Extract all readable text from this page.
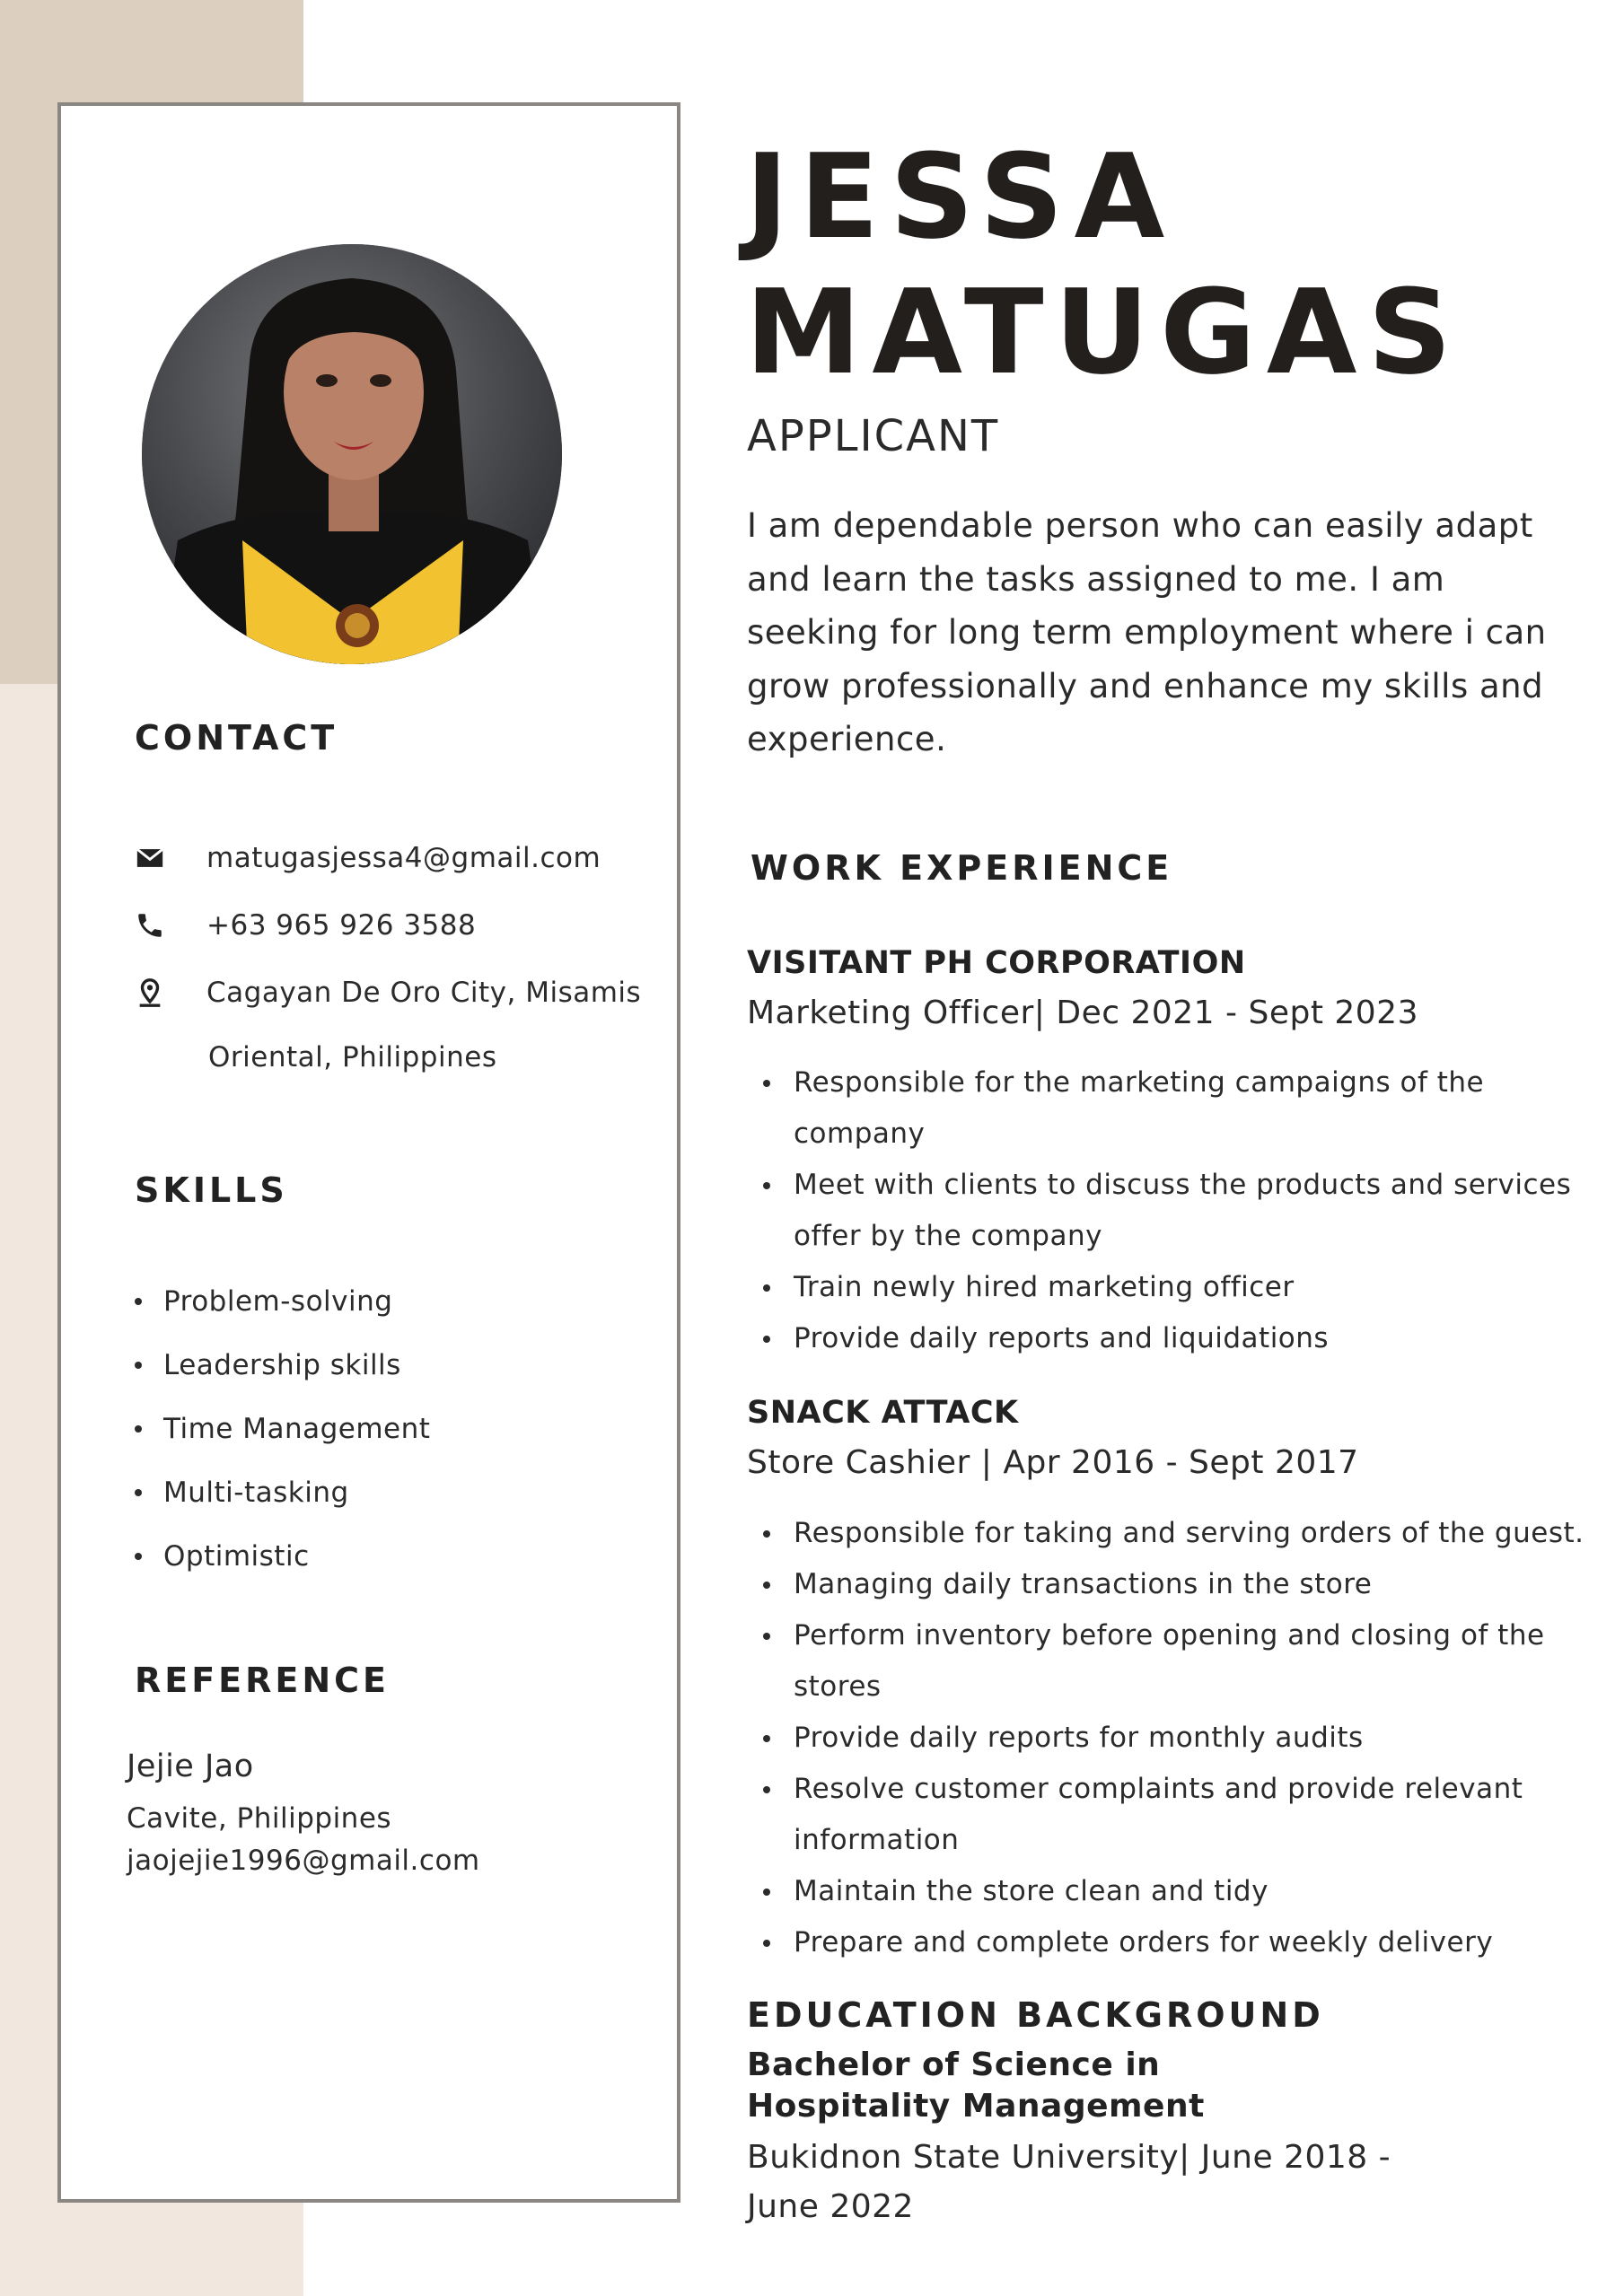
CONTACT
matugasjessa4@gmail.com
+63 965 926 3588
Cagayan De Oro City, Misamis
Oriental, Philippines
SKILLS
Problem-solving
Leadership skills
Time Management
Multi-tasking
Optimistic
REFERENCE
Jejie Jao
Cavite, Philippines
jaojejie1996@gmail.com
JESSA
MATUGAS
APPLICANT

I am dependable person who can easily adapt and learn the tasks assigned to me. I am seeking for long term employment where i can grow professionally and enhance my skills and experience.

WORK EXPERIENCE
VISITANT PH CORPORATION
Marketing Officer| Dec 2021 - Sept 2023
Responsible for the marketing campaigns of the
company
Meet with clients to discuss the products and services
offer by the company
Train newly hired marketing officer
Provide daily reports and liquidations
SNACK ATTACK
Store Cashier | Apr 2016 - Sept 2017
Responsible for taking and serving orders of the guest.
Managing daily transactions in the store
Perform inventory before opening and closing of the
stores
Provide daily reports for monthly audits
Resolve customer complaints and provide relevant
information
Maintain the store clean and tidy
Prepare and complete orders for weekly delivery
EDUCATION BACKGROUND

Bachelor of Science in Hospitality Management

Bukidnon State University| June 2018 - June 2022
